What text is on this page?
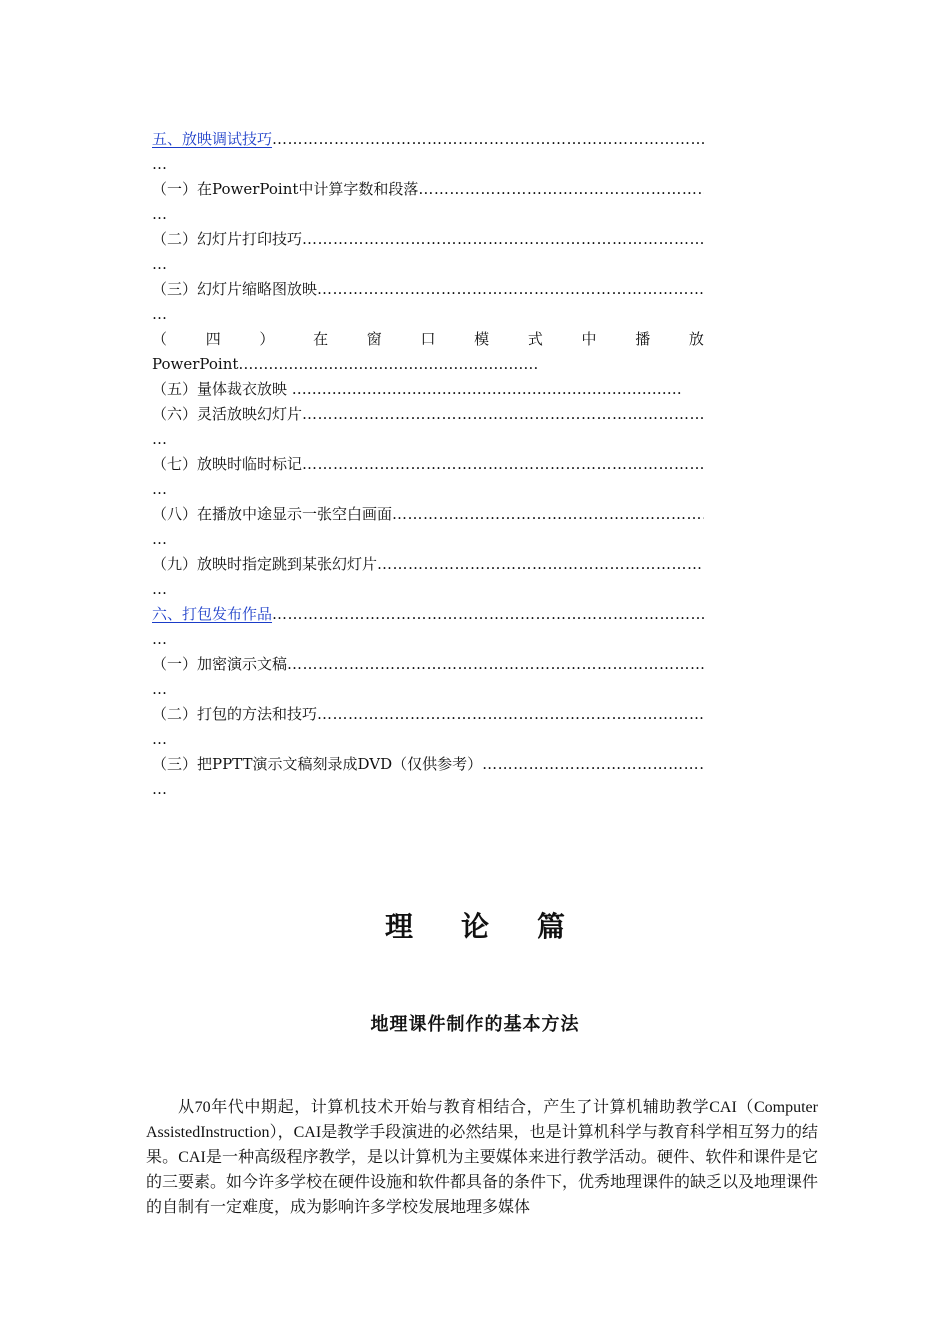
五、放映调试技巧 ……………………………………………………………………………………………………………………………
…
（一）在PowerPoint中计算字数和段落 ……………………………………………………………………………………………………………………………
…
（二）幻灯片打印技巧 ……………………………………………………………………………………………………………………………
…
（三）幻灯片缩略图放映 ……………………………………………………………………………………………………………………………
…
（	四	）	在	窗	口	模	式	中	播	放
PowerPoint……………………………………………………
（五）量体裁衣放映 ……………………………………………………………………
（六）灵活放映幻灯片 ……………………………………………………………………………………………………………………………
…
（七）放映时临时标记 ……………………………………………………………………………………………………………………………
…
（八）在播放中途显示一张空白画面 ……………………………………………………………………………………………………………………………
…
（九）放映时指定跳到某张幻灯片 ……………………………………………………………………………………………………………………………
…
六、打包发布作品 ……………………………………………………………………………………………………………………………
…
（一）加密演示文稿 ……………………………………………………………………………………………………………………………
…
（二）打包的方法和技巧 ……………………………………………………………………………………………………………………………
…
（三）把PPTT演示文稿刻录成DVD（仅供参考） ……………………………………………………………………………………………………………………………
…
理论篇
地理课件制作的基本方法

从70年代中期起，计算机技术开始与教育相结合，产生了计算机辅助教学CAI（Computer AssistedInstruction），CAI是教学手段演进的必然结果，也是计算机科学与教育科学相互努力的结果。CAI是一种高级程序教学，是以计算机为主要媒体来进行教学活动。硬件、软件和课件是它的三要素。如今许多学校在硬件设施和软件都具备的条件下，优秀地理课件的缺乏以及地理课件的自制有一定难度，成为影响许多学校发展地理多媒体
